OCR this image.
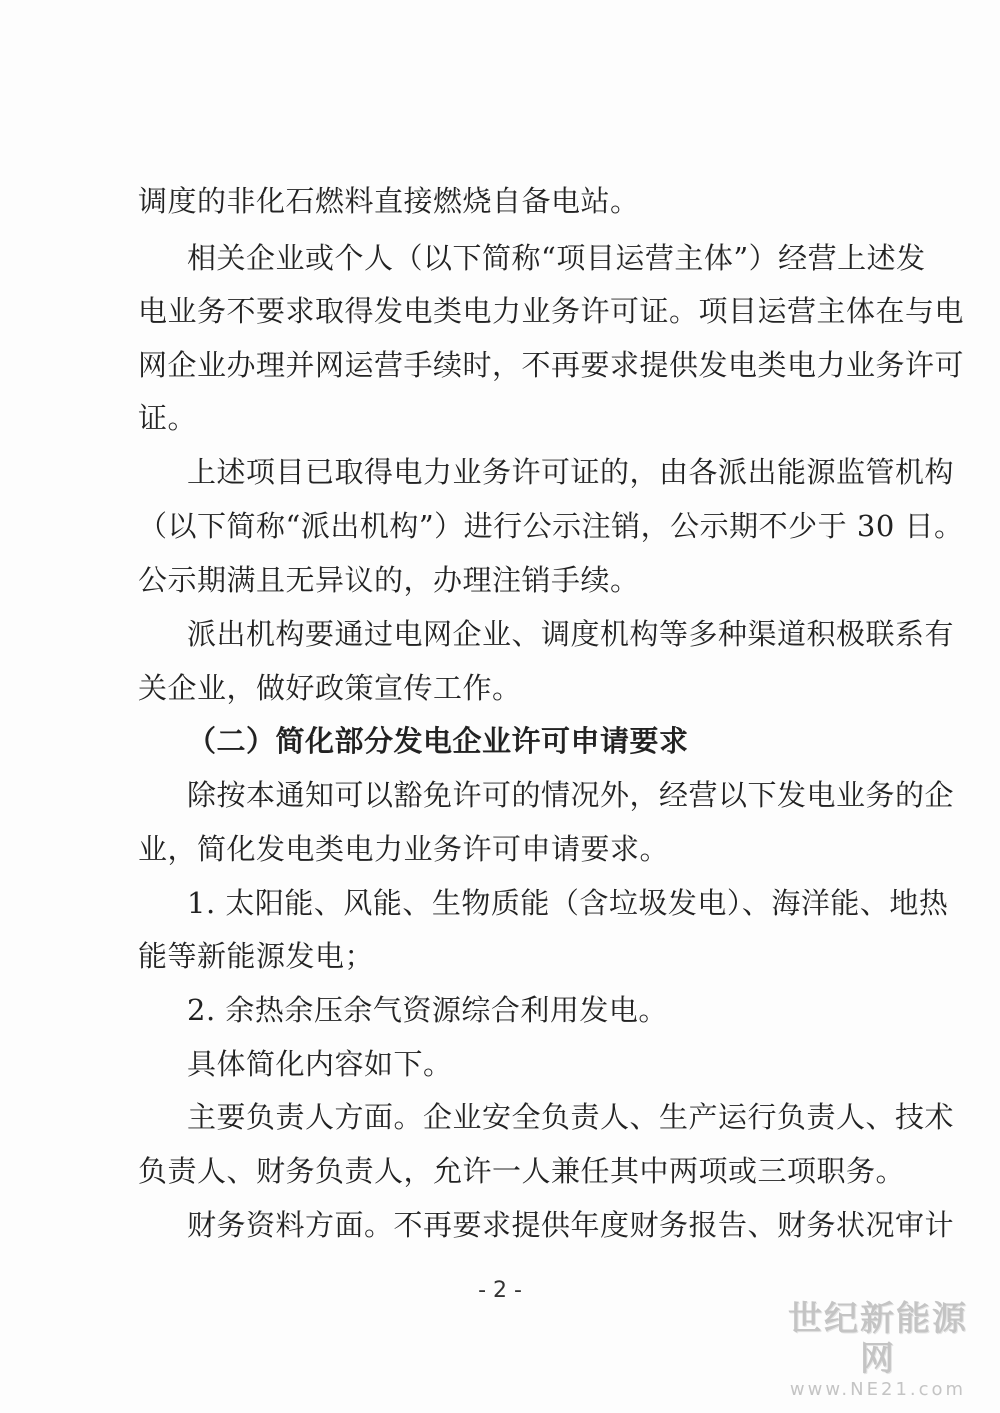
调度的非化石燃料直接燃烧自备电站。
相关企业或个人（以下简称“项目运营主体”）经营上述发
电业务不要求取得发电类电力业务许可证。项目运营主体在与电
网企业办理并网运营手续时，不再要求提供发电类电力业务许可
证。
上述项目已取得电力业务许可证的，由各派出能源监管机构
（以下简称“派出机构”）进行公示注销，公示期不少于 30 日。
公示期满且无异议的，办理注销手续。
派出机构要通过电网企业、调度机构等多种渠道积极联系有
关企业，做好政策宣传工作。
（二）简化部分发电企业许可申请要求
除按本通知可以豁免许可的情况外，经营以下发电业务的企
业，简化发电类电力业务许可申请要求。
1. 太阳能、风能、生物质能（含垃圾发电）、海洋能、地热
能等新能源发电；
2. 余热余压余气资源综合利用发电。
具体简化内容如下。
主要负责人方面。企业安全负责人、生产运行负责人、技术
负责人、财务负责人，允许一人兼任其中两项或三项职务。
财务资料方面。不再要求提供年度财务报告、财务状况审计
- 2 -
世纪新能源网
www.NE21.com
